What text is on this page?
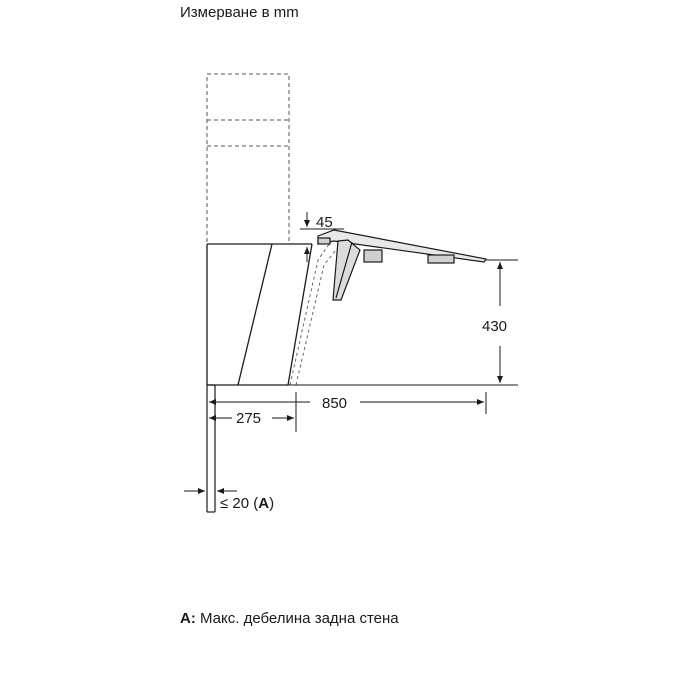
Измерване в mm
45
430
850
275
≤ 20 (A)
A: Макс. дебелина задна стена
